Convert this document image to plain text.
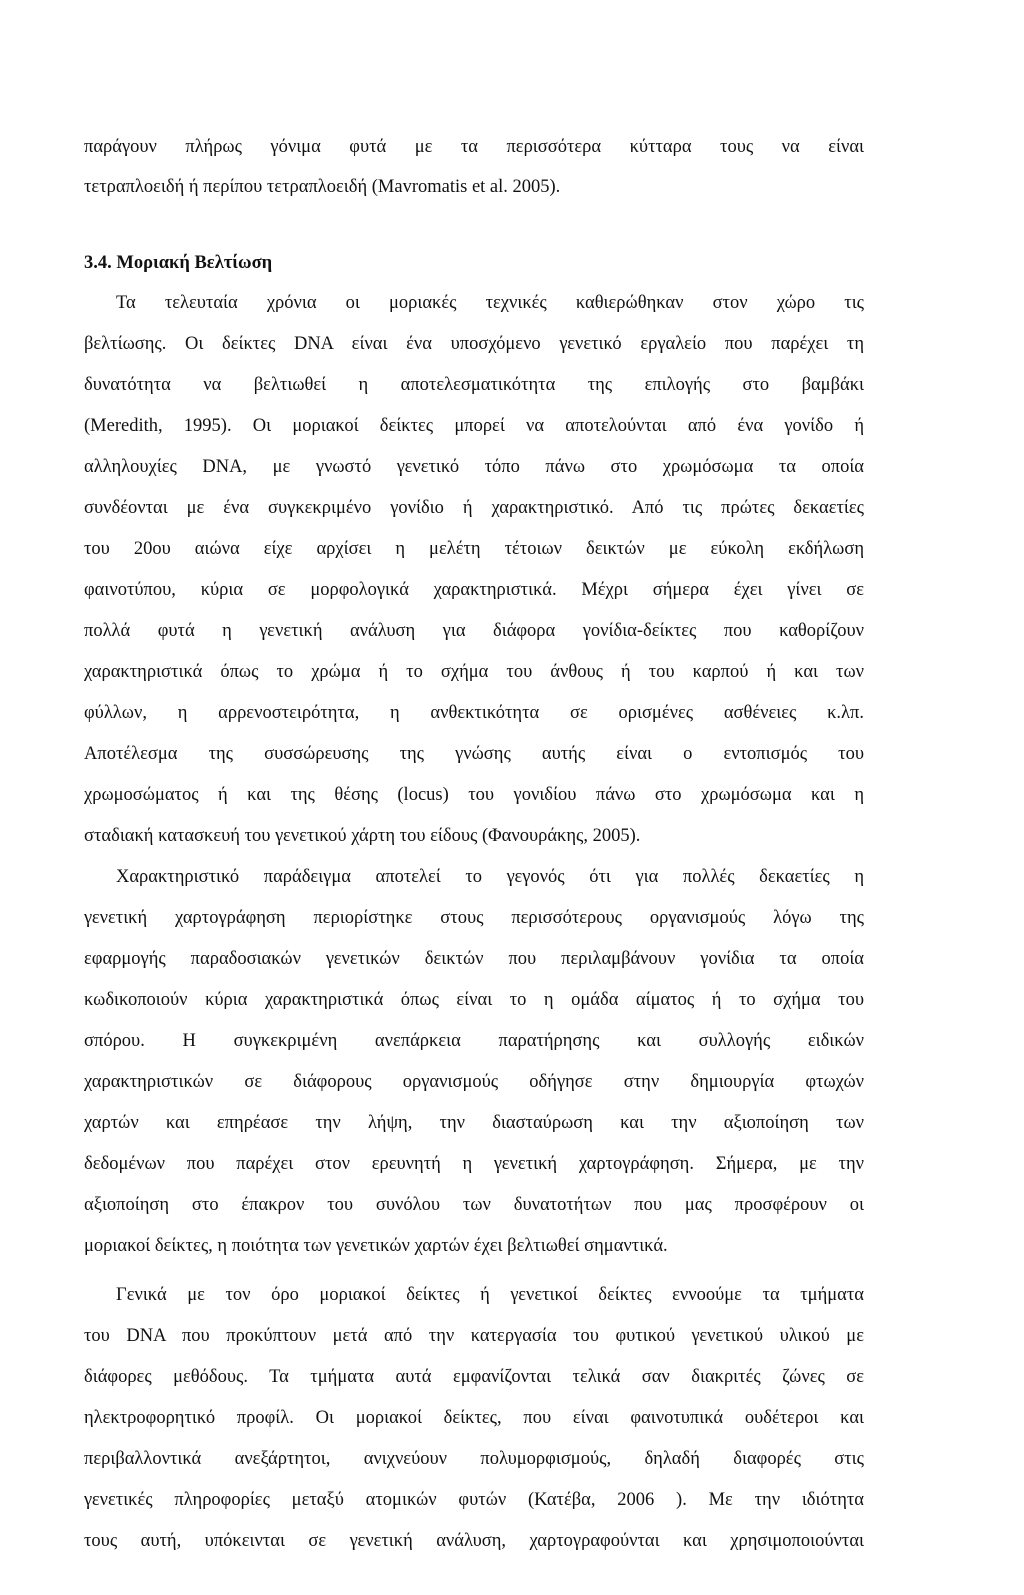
παράγουν πλήρως γόνιμα φυτά με τα περισσότερα κύτταρα τους να είναι
τετραπλοειδή ή περίπου τετραπλοειδή (Mavromatis et al. 2005).
3.4. Μοριακή Βελτίωση
Τα τελευταία χρόνια οι μοριακές τεχνικές καθιερώθηκαν στον χώρο τις
βελτίωσης. Οι δείκτες DNA είναι ένα υποσχόμενο γενετικό εργαλείο που παρέχει τη
δυνατότητα να βελτιωθεί η αποτελεσματικότητα της επιλογής στο βαμβάκι
(Meredith, 1995). Οι μοριακοί δείκτες μπορεί να αποτελούνται από ένα γονίδο ή
αλληλουχίες DNA, με γνωστό γενετικό τόπο πάνω στο χρωμόσωμα τα οποία
συνδέονται με ένα συγκεκριμένο γονίδιο ή χαρακτηριστικό. Από τις πρώτες δεκαετίες
του 20ου αιώνα είχε αρχίσει η μελέτη τέτοιων δεικτών με εύκολη εκδήλωση
φαινοτύπου, κύρια σε μορφολογικά χαρακτηριστικά. Μέχρι σήμερα έχει γίνει σε
πολλά φυτά η γενετική ανάλυση για διάφορα γονίδια-δείκτες που καθορίζουν
χαρακτηριστικά όπως το χρώμα ή το σχήμα του άνθους ή του καρπού ή και των
φύλλων, η αρρενοστειρότητα, η ανθεκτικότητα σε ορισμένες ασθένειες κ.λπ.
Αποτέλεσμα της συσσώρευσης της γνώσης αυτής είναι ο εντοπισμός του
χρωμοσώματος ή και της θέσης (locus) του γονιδίου πάνω στο χρωμόσωμα και η
σταδιακή κατασκευή του γενετικού χάρτη του είδους (Φανουράκης, 2005).
Χαρακτηριστικό παράδειγμα αποτελεί το γεγονός ότι για πολλές δεκαετίες η
γενετική χαρτογράφηση περιορίστηκε στους περισσότερους οργανισμούς λόγω της
εφαρμογής παραδοσιακών γενετικών δεικτών που περιλαμβάνουν γονίδια τα οποία
κωδικοποιούν κύρια χαρακτηριστικά όπως είναι το η ομάδα αίματος ή το σχήμα του
σπόρου. Η συγκεκριμένη ανεπάρκεια παρατήρησης και συλλογής ειδικών
χαρακτηριστικών σε διάφορους οργανισμούς οδήγησε στην δημιουργία φτωχών
χαρτών και επηρέασε την λήψη, την διασταύρωση και την αξιοποίηση των
δεδομένων που παρέχει στον ερευνητή η γενετική χαρτογράφηση. Σήμερα, με την
αξιοποίηση στο έπακρον του συνόλου των δυνατοτήτων που μας προσφέρουν οι
μοριακοί δείκτες, η ποιότητα των γενετικών χαρτών έχει βελτιωθεί σημαντικά.
Γενικά με τον όρο μοριακοί δείκτες ή γενετικοί δείκτες εννοούμε τα τμήματα
του DNA που προκύπτουν μετά από την κατεργασία του φυτικού γενετικού υλικού με
διάφορες μεθόδους. Τα τμήματα αυτά εμφανίζονται τελικά σαν διακριτές ζώνες σε
ηλεκτροφορητικό προφίλ. Οι μοριακοί δείκτες, που είναι φαινοτυπικά ουδέτεροι και
περιβαλλοντικά ανεξάρτητοι, ανιχνεύουν πολυμορφισμούς, δηλαδή διαφορές στις
γενετικές πληροφορίες μεταξύ ατομικών φυτών (Κατέβα, 2006 ). Με την ιδιότητα
τους αυτή, υπόκεινται σε γενετική ανάλυση, χαρτογραφούνται και χρησιμοποιούνται
